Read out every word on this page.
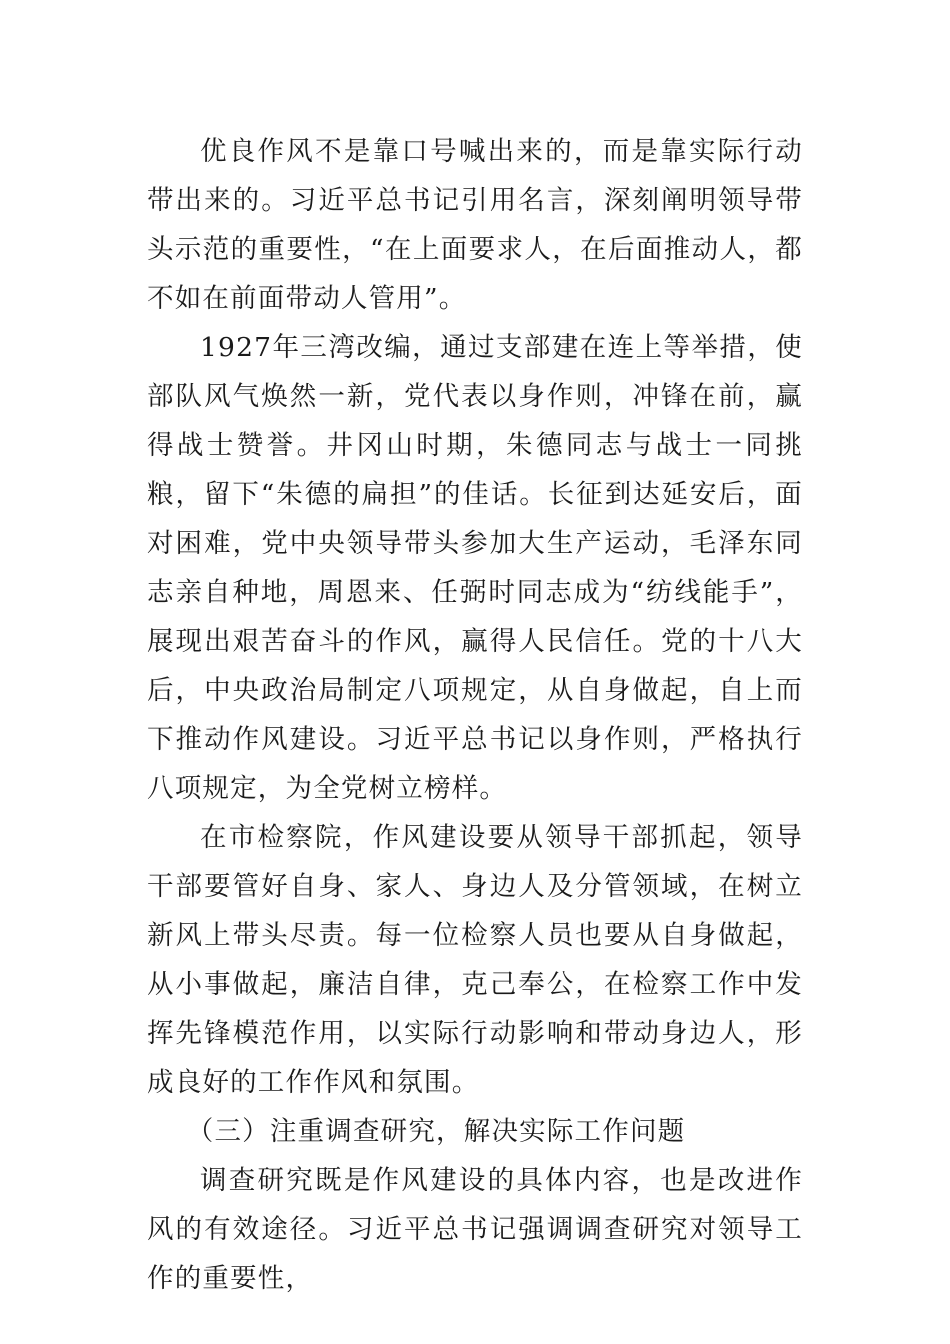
优良作风不是靠口号喊出来的，而是靠实际行动带出来的。习近平总书记引用名言，深刻阐明领导带头示范的重要性，“在上面要求人，在后面推动人，都不如在前面带动人管用”。

1927年三湾改编，通过支部建在连上等举措，使部队风气焕然一新，党代表以身作则，冲锋在前，赢得战士赞誉。井冈山时期，朱德同志与战士一同挑粮，留下“朱德的扁担”的佳话。长征到达延安后，面对困难，党中央领导带头参加大生产运动，毛泽东同志亲自种地，周恩来、任弼时同志成为“纺线能手”，展现出艰苦奋斗的作风，赢得人民信任。党的十八大后，中央政治局制定八项规定，从自身做起，自上而下推动作风建设。习近平总书记以身作则，严格执行八项规定，为全党树立榜样。

在市检察院，作风建设要从领导干部抓起，领导干部要管好自身、家人、身边人及分管领域，在树立新风上带头尽责。每一位检察人员也要从自身做起，从小事做起，廉洁自律，克己奉公，在检察工作中发挥先锋模范作用，以实际行动影响和带动身边人，形成良好的工作作风和氛围。

（三）注重调查研究，解决实际工作问题

调查研究既是作风建设的具体内容，也是改进作风的有效途径。习近平总书记强调调查研究对领导工作的重要性，
